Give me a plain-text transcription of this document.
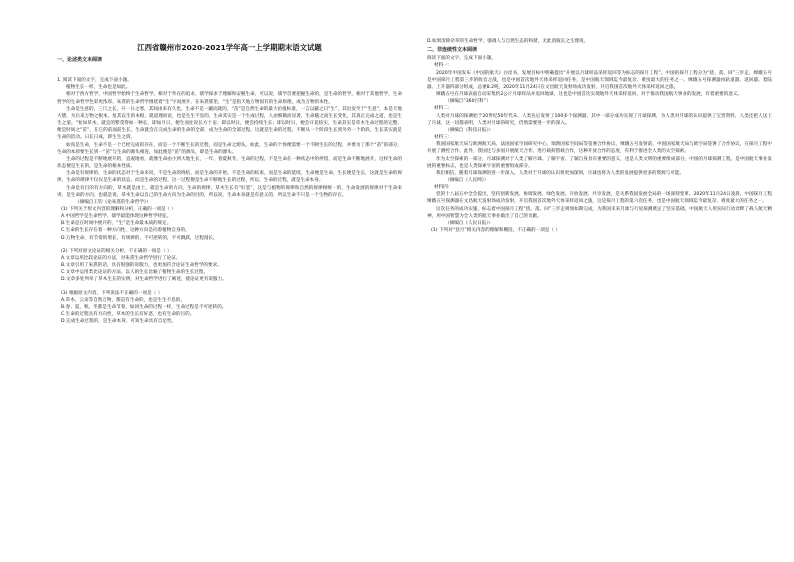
江西省赣州市2020-2021学年高一上学期期末语文试题
一、论述类文本阅读

1. 阅读下面的文字，完成下面小题。

植物生长一样，生命也是如此。

相对于西方哲学，中国哲学始终于生命哲学。相对于外在的追求，儒学探求于理解和安顿生命，可以说，儒学首要把握生命的，是生命的哲学。相对于其他哲学，生命哲学的生命哲学色彩更浓厚。朱熹的生命哲学围绕着“生”字而展开，在朱熹那里，“生”是指天地万物固有的生命原理，成为万物的本性。

生命是生意的，三尺之长，开一日之寒，其间由来有久也。生命不是一蹴而就的，“苗”是自然生命的最大价值标准，一言以蔽之曰“生”，其出发至于“生意”，本是天地大德，为后来万物之根本，复其以生的本根，就道理而论，也是生生不息的，生命其实是一个生成过程，人由细微而显著，生命随之而生长变化，其真正完成之道，也是生生之道。“复如草木，就宜的繁茂得如一种长，即如月日，便生而往说长方十亩；即以时日，便会持续生长；即以时日，便会开花结实，生命其实是草木生命过程的完整，便是时间之“苗”，在它的前面前生长，生命就会在完成生命的生命的全部，成为生命的全部过程。这就是生命的过程，不断从一个阶段生长到另外一个阶段，生长其实就是生命的活动。日长日成，即生生之谓。

如真是生命，生命不是一个已经完成的存在，而是一个不断生长的过程，而是生命之源头。如此，生命的个体便需要一个不断生长的过程，并要为了那个“苗”的部分，生命的本原要生长到一“苗”与生命的源头相连，如此便是“苗”的源头，即是生命的源头。

生命的过程是不断地展开的，直观地看，就像生命由小到大地生长，一年、春夏秋冬，生命的过程，不是生命在一种状态中的停留，而是生命不断地展开，这样生命的状态便是生长的，是生命的根本性质。

生命是有规律的，生命的状态对于生命来说，不是生命的终结，而是生命的开始，不是生命的结束，而是生命的延续，生命便是生命，生长便是生长，这就是生命的规律，生命的规律不仅仅是生命的状态，而是生命的过程，这一过程便是生命不断地生长的过程，所以，生命的过程，就是生命本身。

生命是有目的有方向的，草木就是由土，就是生命的方向，生命的规律，草木生长有“好恶”，这是与植物的规律和自然的规律相统一的，生命发展的规律对于生命来讲，是生命的方向，也就是说，草木生命以自己的生命方向为生命的目的，所以说，生命本身就是有意义的，所以生命不只是一个生物的存在。

（摘编自王钧《论朱熹的生命哲学》）

(1) 下列关于原文内容的理解和分析，正确的一项是（ ）

A.中国哲学是生命哲学，儒学最能体现这种哲学特征。

B.生命是在时间中展开的，“生”是生命最本质的规定。

C.生命的生长存在着一种方向性，这种方向是向着植物自身的。

D.万物生命，有节奏的增长，有规律的，不可逆转的，不可跳跃，过程漫长。

(2) 下列对原文论证的相关分析，不正确的一项是（ ）

A.文章运用比较论证的方法，对朱熹生命哲学进行了论证。

B.文章引用了朱熹的话，具有很强的说服力，也更加符合论证生命哲学的要求。

C.文章中运用类比论证的方法，以人的生长比喻了植物生命的生长过程。

D.文章多处列举了草木生长的实例，对生命哲学进行了阐述，使论证更有说服力。

(3) 根据原文内容，下列说法不正确的一项是（ ）

A.草木、云朵等自然万物，都是有生命的，也是生生不息的。

B.春、夏、秋、冬都是生命节奏，如同生命的过程一样，生命过程是不可逆转的。

C.生命的过程具有方向性，草木的生长有好恶，也有生命的目的。

D.完成生命过程的，是生命本身，可知生命具有自足性。

D.如果清除杂草的生命哲学，强调人与自然生态的和谐，无此消彼长之生理说。

二、非连续性文本阅读

阅读下面的文字，完成下面小题。

材料一：

2020年中国发布《中国的航天》白皮书，发展目标中明确提出“开展以月球样品采样返回等为标志的探月工程”。中国的探月工程分为“绕、落、回”三步走，嫦娥五号是中国探月工程第三步的收官之战，也是中国首次地外天体采样返回任务，是中国航天领域迄今最复杂、难度最大的任务之一。嫦娥五号探测器由轨道器、返回器、着陆器、上升器四部分组成，总重8.2吨，2020年11月24日在文昌航天发射场成功发射，开启我国首次地外天体采样返回之旅。

嫦娥五号在月球表面自动采集约2公斤月球样品并返回地球，这也是中国首次实现地外天体采样返回，对于推动我国航天事业的发展，有着重要的意义。

（摘编自“360百科”）

材料二：

人类对月球的探测始于20世纪50年代末，人类先后发射了100多个探测器，其中一部分成功实现了月球探测，为人类对月球的认识提供了宝贵资料，人类还把人送上了月球，这一切都表明，人类对月球的研究，仍然需要进一步的深入。

（摘编自《科技日报》）

材料三：

我国国家航天局与欧洲航天局、法国国家空间研究中心、瑞典国家空间局等签署合作协议，嫦娥五号发射前，中国国家航天局与欧空局签署了合作协议，在探月工程中开展了测控合作。此外，我国还与多国开展航天合作，进行载荷搭载合作，这种开放合作的态度，有利于推进全人类的太空探索。

作为太空探索的一部分，月球探测对于人类了解月球、了解宇宙、了解自身具有重要的意义，也是人类文明的重要组成部分，中国的月球探测工程，是中国航天事业发展的重要标志，也是人类探索宇宙的重要组成部分。

我们相信，随着月球探测的进一步深入，人类对于月球的认识将更加深刻，月球也将为人类的发展提供更多的资源与可能。

（摘编自《人民网》）

材料四：

党的十八届五中全会提出，坚持创新发展、协调发展、绿色发展、开放发展、共享发展，是关系我国发展全局的一场深刻变革。2020年11月24日凌晨，中国探月工程嫦娥五号探测器在文昌航天发射场成功发射，开启我国首次地外天体采样返回之旅，这是探月工程的第六次任务，也是中国航天领域迄今最复杂、难度最大的任务之一。

这次任务的成功实施，标志着中国探月工程“绕、落、回”三步走规划如期完成，为我国未来月球与行星探测奠定了坚实基础，中国航天人用实际行动诠释了载人航天精神，用中国智慧为全人类的航天事业做出了自己的贡献。

（摘编自《人民日报》）

(1) 下列对“登月”相关内容的理解和概括，不正确的一项是（ ）
